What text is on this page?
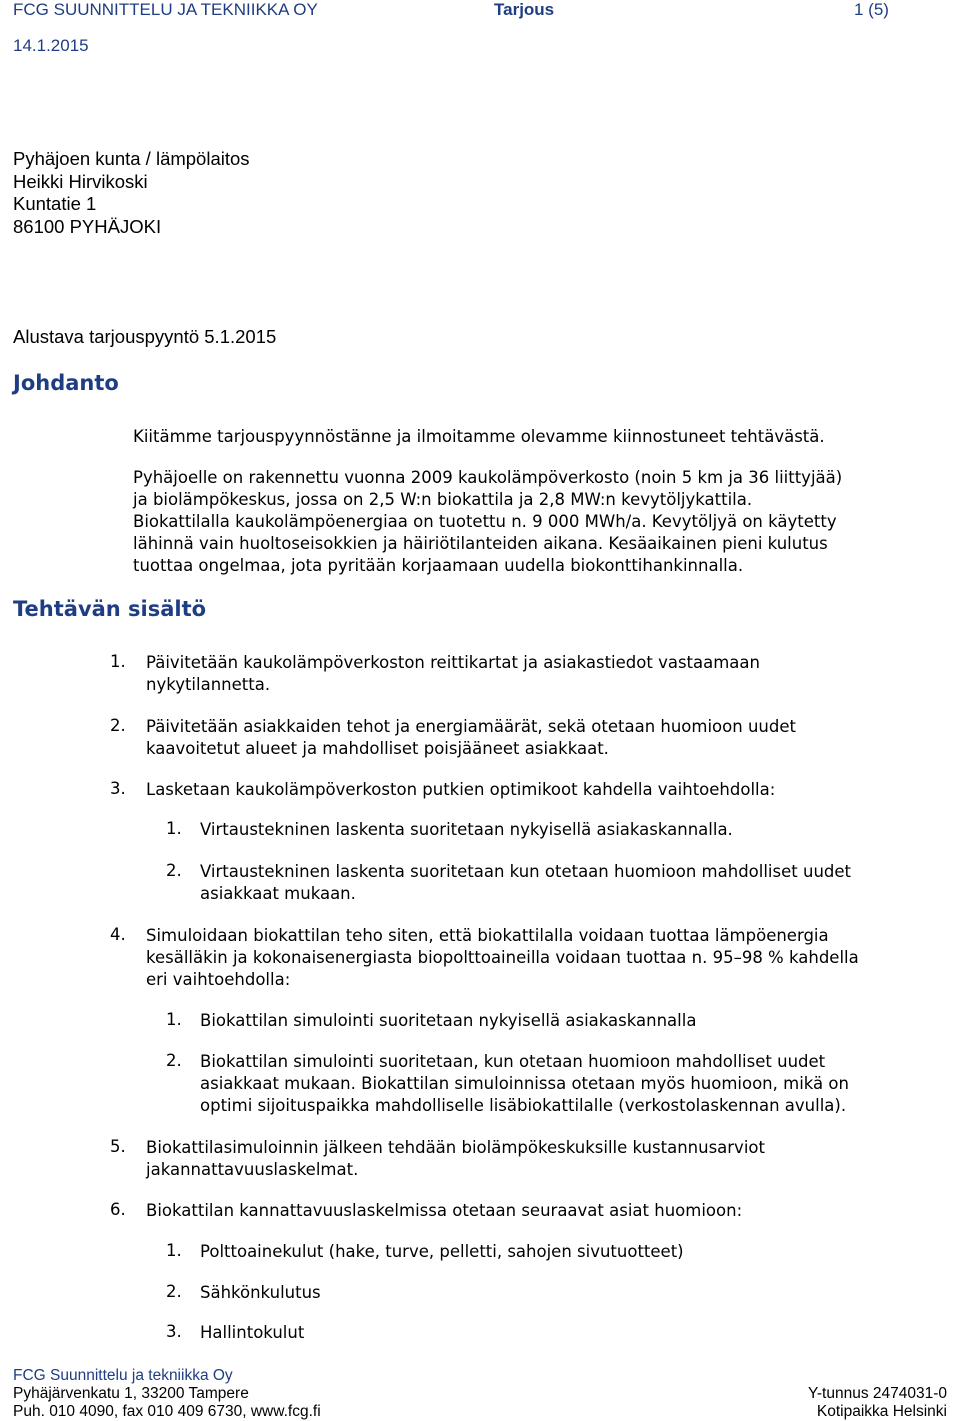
FCG SUUNNITTELU JA TEKNIIKKA OY	Tarjous	1 (5)
14.1.2015
Pyhäjoen kunta / lämpölaitos
Heikki Hirvikoski
Kuntatie 1
86100 PYHÄJOKI
Alustava tarjouspyyntö 5.1.2015
Johdanto
Kiitämme tarjouspyynnöstänne ja ilmoitamme olevamme kiinnostuneet tehtävästä.
Pyhäjoelle on rakennettu vuonna 2009 kaukolämpöverkosto (noin 5 km ja 36 liittyjää)
ja biolämpökeskus, jossa on 2,5 W:n biokattila ja 2,8 MW:n kevytöljykattila.
Biokattilalla kaukolämpöenergiaa on tuotettu n. 9 000 MWh/a. Kevytöljyä on käytetty
lähinnä vain huoltoseisokkien ja häiriötilanteiden aikana. Kesäaikainen pieni kulutus
tuottaa ongelmaa, jota pyritään korjaamaan uudella biokonttihankinnalla.
Tehtävän sisältö
1. Päivitetään kaukolämpöverkoston reittikartat ja asiakastiedot vastaamaan
nykytilannetta.
2. Päivitetään asiakkaiden tehot ja energiamäärät, sekä otetaan huomioon uudet
kaavoitetut alueet ja mahdolliset poisjääneet asiakkaat.
3. Lasketaan kaukolämpöverkoston putkien optimikoot kahdella vaihtoehdolla:
1. Virtaustekninen laskenta suoritetaan nykyisellä asiakaskannalla.
2. Virtaustekninen laskenta suoritetaan kun otetaan huomioon mahdolliset uudet
asiakkaat mukaan.
4. Simuloidaan biokattilan teho siten, että biokattilalla voidaan tuottaa lämpöenergia
kesälläkin ja kokonaisenergiasta biopolttoaineilla voidaan tuottaa n. 95–98 % kahdella
eri vaihtoehdolla:
1. Biokattilan simulointi suoritetaan nykyisellä asiakaskannalla
2. Biokattilan simulointi suoritetaan, kun otetaan huomioon mahdolliset uudet
asiakkaat mukaan. Biokattilan simuloinnissa otetaan myös huomioon, mikä on
optimi sijoituspaikka mahdolliselle lisäbiokattilalle (verkostolaskennan avulla).
5. Biokattilasimuloinnin jälkeen tehdään biolämpökeskuksille kustannusarviot
jakannattavuuslaskelmat.
6. Biokattilan kannattavuuslaskelmissa otetaan seuraavat asiat huomioon:
1. Polttoainekulut (hake, turve, pelletti, sahojen sivutuotteet)
2. Sähkönkulutus
3. Hallintokulut
FCG Suunnittelu ja tekniikka Oy
Pyhäjärvenkatu 1, 33200 Tampere
Puh. 010 4090, fax 010 409 6730, www.fcg.fi
Y-tunnus 2474031-0
Kotipaikka Helsinki
